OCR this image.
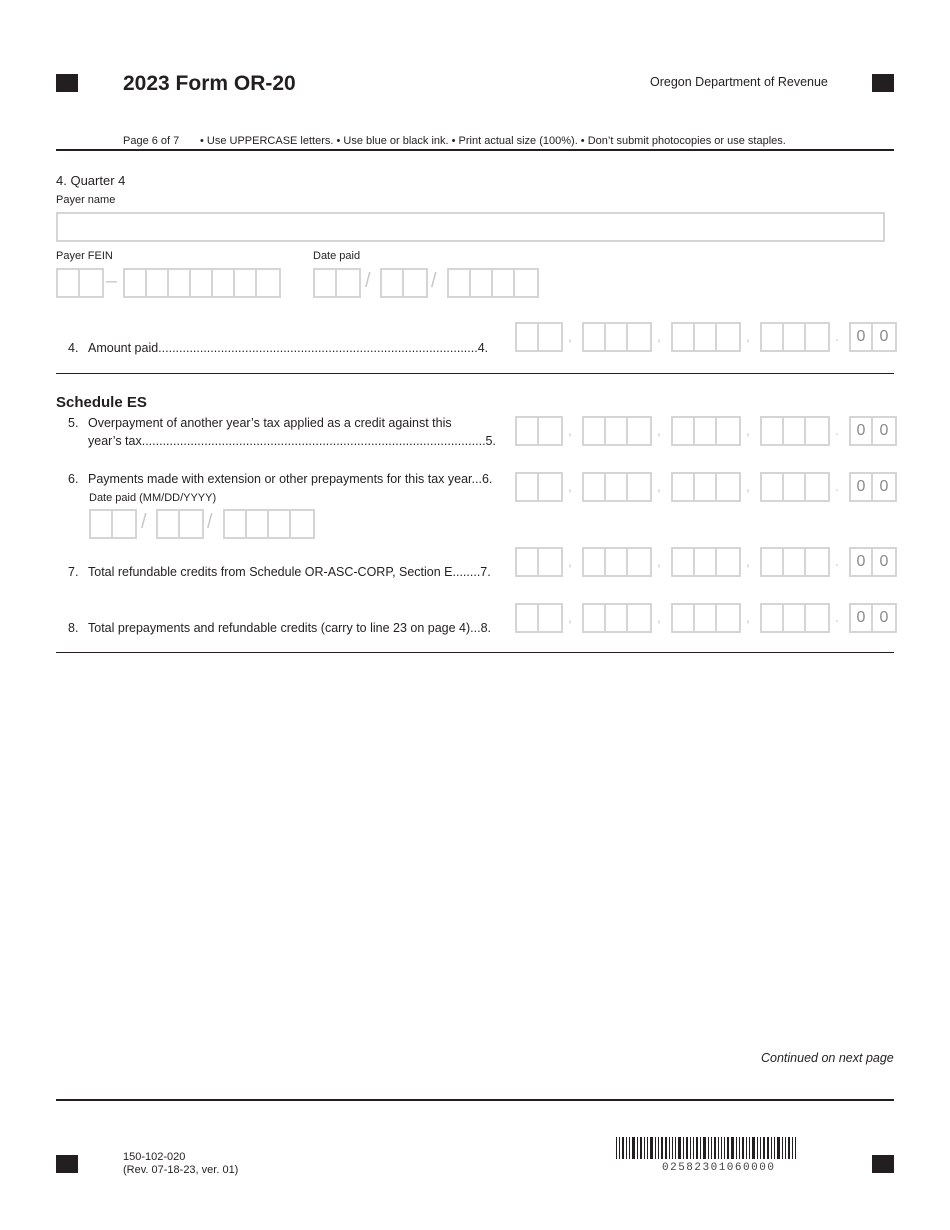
2023 Form OR-20	Oregon Department of Revenue
Page 6 of 7 • Use UPPERCASE letters. • Use blue or black ink. • Print actual size (100%). • Don’t submit photocopies or use staples.
4. Quarter 4
Payer name
Payer FEIN
–
Date paid
/	/
4. Amount paid............................................................................................4.
,	,	,	.	0 0
Schedule ES
5. Overpayment of another year’s tax applied as a credit against this
year’s tax...................................................................................................5.
,	,	,	.	0 0
6. Payments made with extension or other prepayments for this tax year...6.
Date paid (MM/DD/YYYY)
,	,	,	.	0 0
/	/
7. Total refundable credits from Schedule OR-ASC-CORP, Section E........7.
,	,	,	.	0 0
8. Total prepayments and refundable credits (carry to line 23 on page 4)...8.
,	,	,	.	0 0
Continued on next page
150-102-020
(Rev. 07-18-23, ver. 01)	02582301060000
